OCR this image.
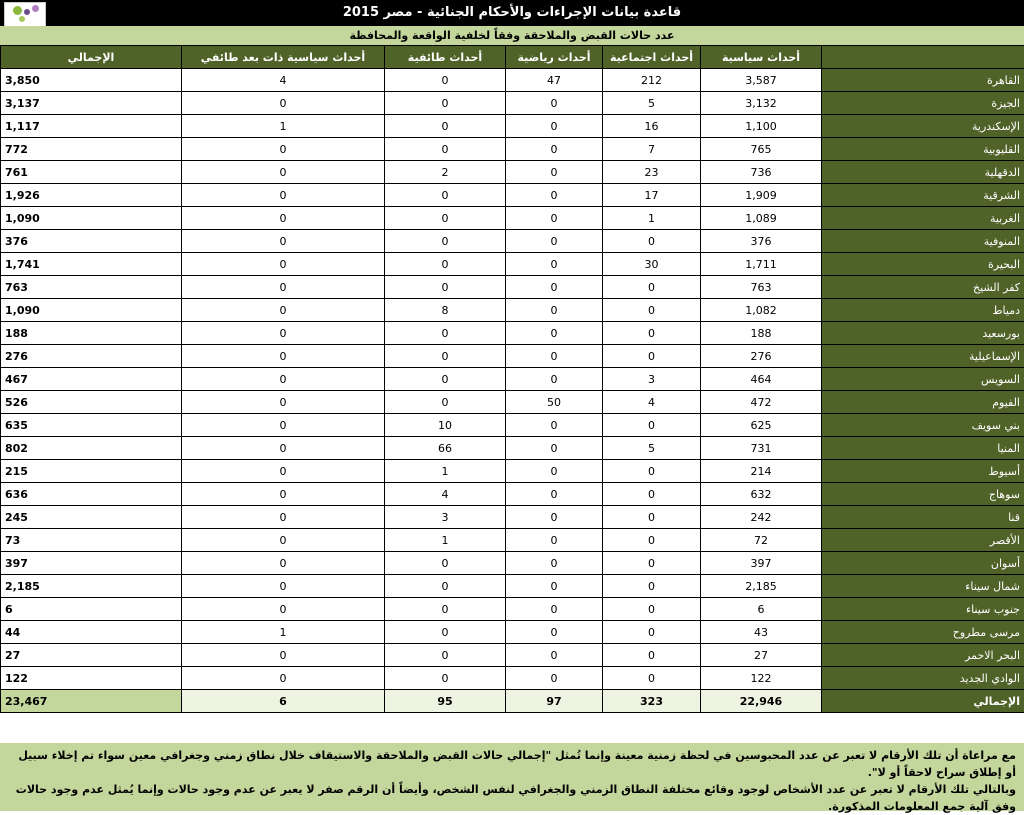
قاعدة بيانات الإجراءات والأحكام الجنائية - مصر 2015
عدد حالات القبض والملاحقة وفقاً لخلفية الواقعة والمحافظة
	أحداث سياسية	أحداث اجتماعية	أحداث رياضية	أحداث طائفية	أحداث سياسية ذات بعد طائفي	الإجمالي
القاهرة	3,587	212	47	0	4	3,850
الجيزة	3,132	5	0	0	0	3,137
الإسكندرية	1,100	16	0	0	1	1,117
القليوبية	765	7	0	0	0	772
الدقهلية	736	23	0	2	0	761
الشرقية	1,909	17	0	0	0	1,926
الغربية	1,089	1	0	0	0	1,090
المنوفية	376	0	0	0	0	376
البحيرة	1,711	30	0	0	0	1,741
كفر الشيخ	763	0	0	0	0	763
دمياط	1,082	0	0	8	0	1,090
بورسعيد	188	0	0	0	0	188
الإسماعيلية	276	0	0	0	0	276
السويس	464	3	0	0	0	467
الفيوم	472	4	50	0	0	526
بني سويف	625	0	0	10	0	635
المنيا	731	5	0	66	0	802
أسيوط	214	0	0	1	0	215
سوهاج	632	0	0	4	0	636
قنا	242	0	0	3	0	245
الأقصر	72	0	0	1	0	73
أسوان	397	0	0	0	0	397
شمال سيناء	2,185	0	0	0	0	2,185
جنوب سيناء	6	0	0	0	0	6
مرسى مطروح	43	0	0	0	1	44
البحر الاحمر	27	0	0	0	0	27
الوادي الجديد	122	0	0	0	0	122
الإجمالي	22,946	323	97	95	6	23,467
مع مراعاة أن تلك الأرقام لا تعبر عن عدد المحبوسين في لحظة زمنية معينة وإنما تُمثل "إجمالي حالات القبض والملاحقة والاستيقاف خلال نطاق زمني وجغرافي معين سواء تم إخلاء سبيل أو إطلاق سراح لاحقاً أو لا".
وبالتالي تلك الأرقام لا تعبر عن عدد الأشخاص لوجود وقائع مختلفة النطاق الزمني والجغرافي لنفس الشخص، وأيضاً أن الرقم صفر لا يعبر عن عدم وجود حالات وإنما يُمثل عدم وجود حالات وفق آلية جمع المعلومات المذكورة.
